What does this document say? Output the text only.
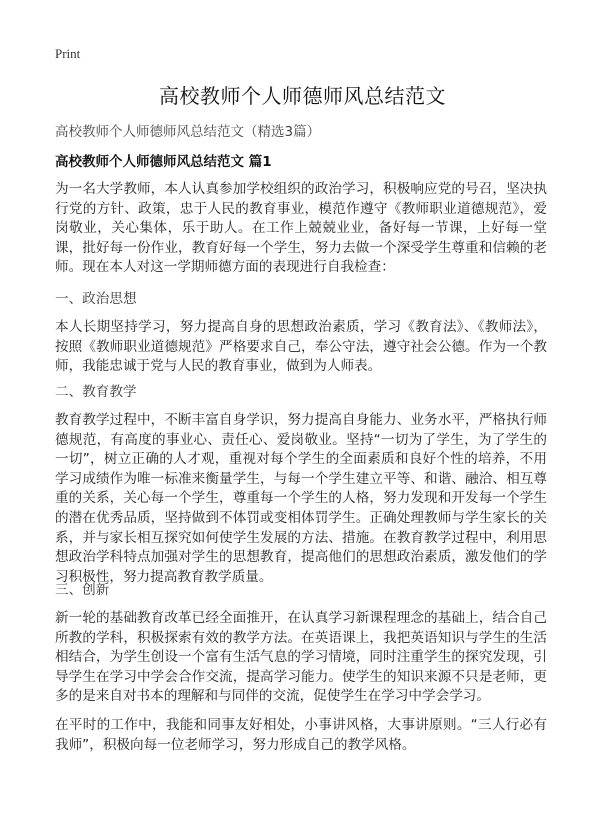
Print
高校教师个人师德师风总结范文
高校教师个人师德师风总结范文（精选3篇）
高校教师个人师德师风总结范文 篇1
为一名大学教师，本人认真参加学校组织的政治学习，积极响应党的号召，坚决执行党的方针、政策，忠于人民的教育事业，模范作遵守《教师职业道德规范》，爱岗敬业，关心集体，乐于助人。在工作上兢兢业业，备好每一节课，上好每一堂课，批好每一份作业，教育好每一个学生，努力去做一个深受学生尊重和信赖的老师。现在本人对这一学期师德方面的表现进行自我检查：
一、政治思想
本人长期坚持学习，努力提高自身的思想政治素质，学习《教育法》、《教师法》，按照《教师职业道德规范》严格要求自己，奉公守法，遵守社会公德。作为一个教师，我能忠诚于党与人民的教育事业，做到为人师表。
二、教育教学
教育教学过程中，不断丰富自身学识，努力提高自身能力、业务水平，严格执行师德规范，有高度的事业心、责任心、爱岗敬业。坚持“一切为了学生，为了学生的一切”，树立正确的人才观，重视对每个学生的全面素质和良好个性的培养，不用学习成绩作为唯一标准来衡量学生，与每一个学生建立平等、和谐、融洽、相互尊重的关系，关心每一个学生，尊重每一个学生的人格，努力发现和开发每一个学生的潜在优秀品质，坚持做到不体罚或变相体罚学生。正确处理教师与学生家长的关系，并与家长相互探究如何使学生发展的方法、措施。在教育教学过程中，利用思想政治学科特点加强对学生的思想教育，提高他们的思想政治素质，激发他们的学习积极性，努力提高教育教学质量。
三、创新
新一轮的基础教育改革已经全面推开，在认真学习新课程理念的基础上，结合自己所教的学科，积极探索有效的教学方法。在英语课上，我把英语知识与学生的生活相结合，为学生创设一个富有生活气息的学习情境，同时注重学生的探究发现，引导学生在学习中学会合作交流，提高学习能力。使学生的知识来源不只是老师，更多的是来自对书本的理解和与同伴的交流，促使学生在学习中学会学习。
在平时的工作中，我能和同事友好相处，小事讲风格，大事讲原则。“三人行必有我师”，积极向每一位老师学习，努力形成自己的教学风格。
